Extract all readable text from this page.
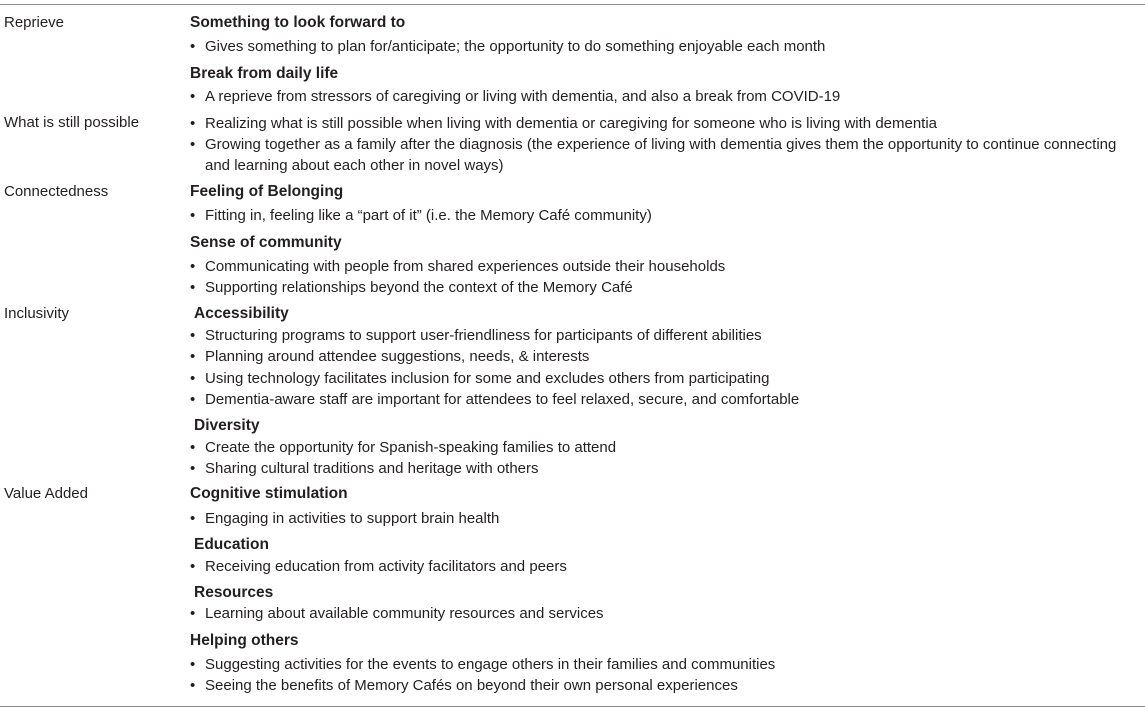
Reprieve
What is still possible
Connectedness
Inclusivity
Value Added
Something to look forward to
• Gives something to plan for/anticipate; the opportunity to do something enjoyable each month
Break from daily life
• A reprieve from stressors of caregiving or living with dementia, and also a break from COVID-19
• Realizing what is still possible when living with dementia or caregiving for someone who is living with dementia
• Growing together as a family after the diagnosis (the experience of living with dementia gives them the opportunity to continue connecting and learning about each other in novel ways)
Feeling of Belonging
• Fitting in, feeling like a “part of it” (i.e. the Memory Café community)
Sense of community
• Communicating with people from shared experiences outside their households
• Supporting relationships beyond the context of the Memory Café
Accessibility
• Structuring programs to support user-friendliness for participants of different abilities
• Planning around attendee suggestions, needs, & interests
• Using technology facilitates inclusion for some and excludes others from participating
• Dementia-aware staff are important for attendees to feel relaxed, secure, and comfortable
Diversity
• Create the opportunity for Spanish-speaking families to attend
• Sharing cultural traditions and heritage with others
Cognitive stimulation
• Engaging in activities to support brain health
Education
• Receiving education from activity facilitators and peers
Resources
• Learning about available community resources and services
Helping others
• Suggesting activities for the events to engage others in their families and communities
• Seeing the benefits of Memory Cafés on beyond their own personal experiences
